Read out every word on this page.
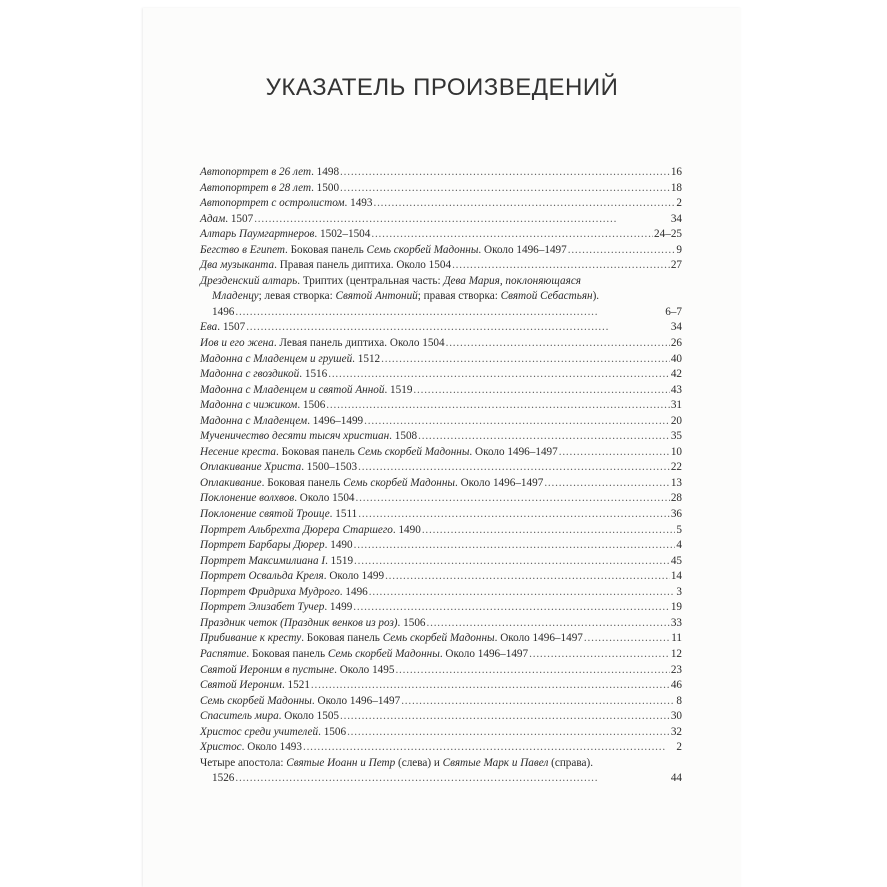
УКАЗАТЕЛЬ ПРОИЗВЕДЕНИЙ
Автопортрет в 26 лет. 1498 . . .	16
Автопортрет в 28 лет. 1500 . . .	18
Автопортрет с остролистом. 1493 . . .	2
Адам. 1507 . . .	34
Алтарь Паумгартнеров. 1502–1504 . . .	24–25
Бегство в Египет. Боковая панель Семь скорбей Мадонны. Около 1496–1497 . . .	9
Два музыканта. Правая панель диптиха. Около 1504 . . .	27
Дрезденский алтарь. Триптих (центральная часть: Дева Мария, поклоняющаяся
Младенцу; левая створка: Святой Антоний; правая створка: Святой Себастьян).
1496 . . .	6–7
Ева. 1507 . . .	34
Иов и его жена. Левая панель диптиха. Около 1504 . . .	26
Мадонна с Младенцем и грушей. 1512 . . .	40
Мадонна с гвоздикой. 1516 . . .	42
Мадонна с Младенцем и святой Анной. 1519 . . .	43
Мадонна с чижиком. 1506 . . .	31
Мадонна с Младенцем. 1496–1499 . . .	20
Мученичество десяти тысяч христиан. 1508 . . .	35
Несение креста. Боковая панель Семь скорбей Мадонны. Около 1496–1497 . . .	10
Оплакивание Христа. 1500–1503 . . .	22
Оплакивание. Боковая панель Семь скорбей Мадонны. Около 1496–1497 . . .	13
Поклонение волхвов. Около 1504 . . .	28
Поклонение святой Троице. 1511 . . .	36
Портрет Альбрехта Дюрера Старшего. 1490 . . .	5
Портрет Барбары Дюрер. 1490 . . .	4
Портрет Максимилиана I. 1519 . . .	45
Портрет Освальда Креля. Около 1499 . . .	14
Портрет Фридриха Мудрого. 1496 . . .	3
Портрет Элизабет Тучер. 1499 . . .	19
Праздник четок (Праздник венков из роз). 1506 . . .	33
Прибивание к кресту. Боковая панель Семь скорбей Мадонны. Около 1496–1497 . . .	11
Распятие. Боковая панель Семь скорбей Мадонны. Около 1496–1497 . . .	12
Святой Иероним в пустыне. Около 1495 . . .	23
Святой Иероним. 1521 . . .	46
Семь скорбей Мадонны. Около 1496–1497 . . .	8
Спаситель мира. Около 1505 . . .	30
Христос среди учителей. 1506 . . .	32
Христос. Около 1493 . . .	2
Четыре апостола: Святые Иоанн и Петр (слева) и Святые Марк и Павел (справа).
1526 . . .	44
